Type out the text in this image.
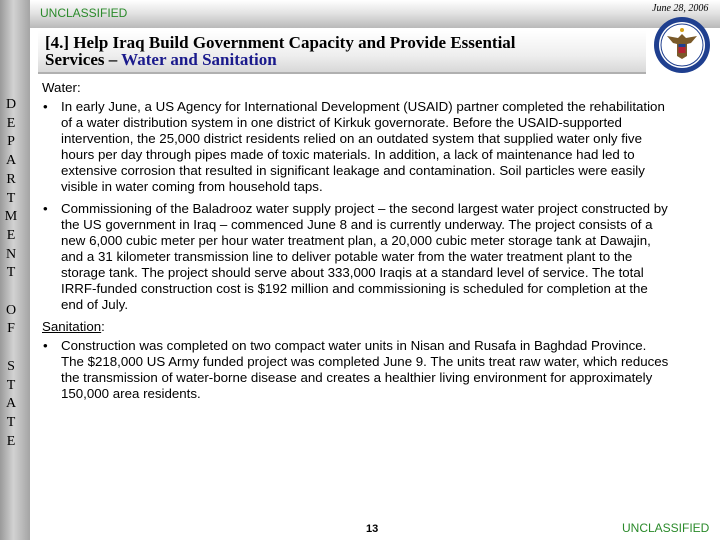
UNCLASSIFIED	June 28, 2006

D
E
P
A
R
T
M
E
N
T

O
F

S
T
A
T
E

[4.] Help Iraq Build Government Capacity and Provide Essential
Services – Water and Sanitation

Water:

• In early June, a US Agency for International Development (USAID) partner completed the rehabilitation of a water distribution system in one district of Kirkuk governorate. Before the USAID-supported intervention, the 25,000 district residents relied on an outdated system that supplied water only five hours per day through pipes made of toxic materials. In addition, a lack of maintenance had led to extensive corrosion that resulted in significant leakage and contamination. Soil particles were easily visible in water coming from household taps.
• Commissioning of the Baladrooz water supply project – the second largest water project constructed by the US government in Iraq – commenced June 8 and is currently underway. The project consists of a new 6,000 cubic meter per hour water treatment plan, a 20,000 cubic meter storage tank at Dawajin, and a 31 kilometer transmission line to deliver potable water from the water treatment plant to the storage tank. The project should serve about 333,000 Iraqis at a standard level of service. The total IRRF-funded construction cost is $192 million and commissioning is scheduled for completion at the end of July.

Sanitation:

• Construction was completed on two compact water units in Nisan and Rusafa in Baghdad Province. The $218,000 US Army funded project was completed June 9. The units treat raw water, which reduces the transmission of water-borne disease and creates a healthier living environment for approximately 150,000 area residents.
13	UNCLASSIFIED
